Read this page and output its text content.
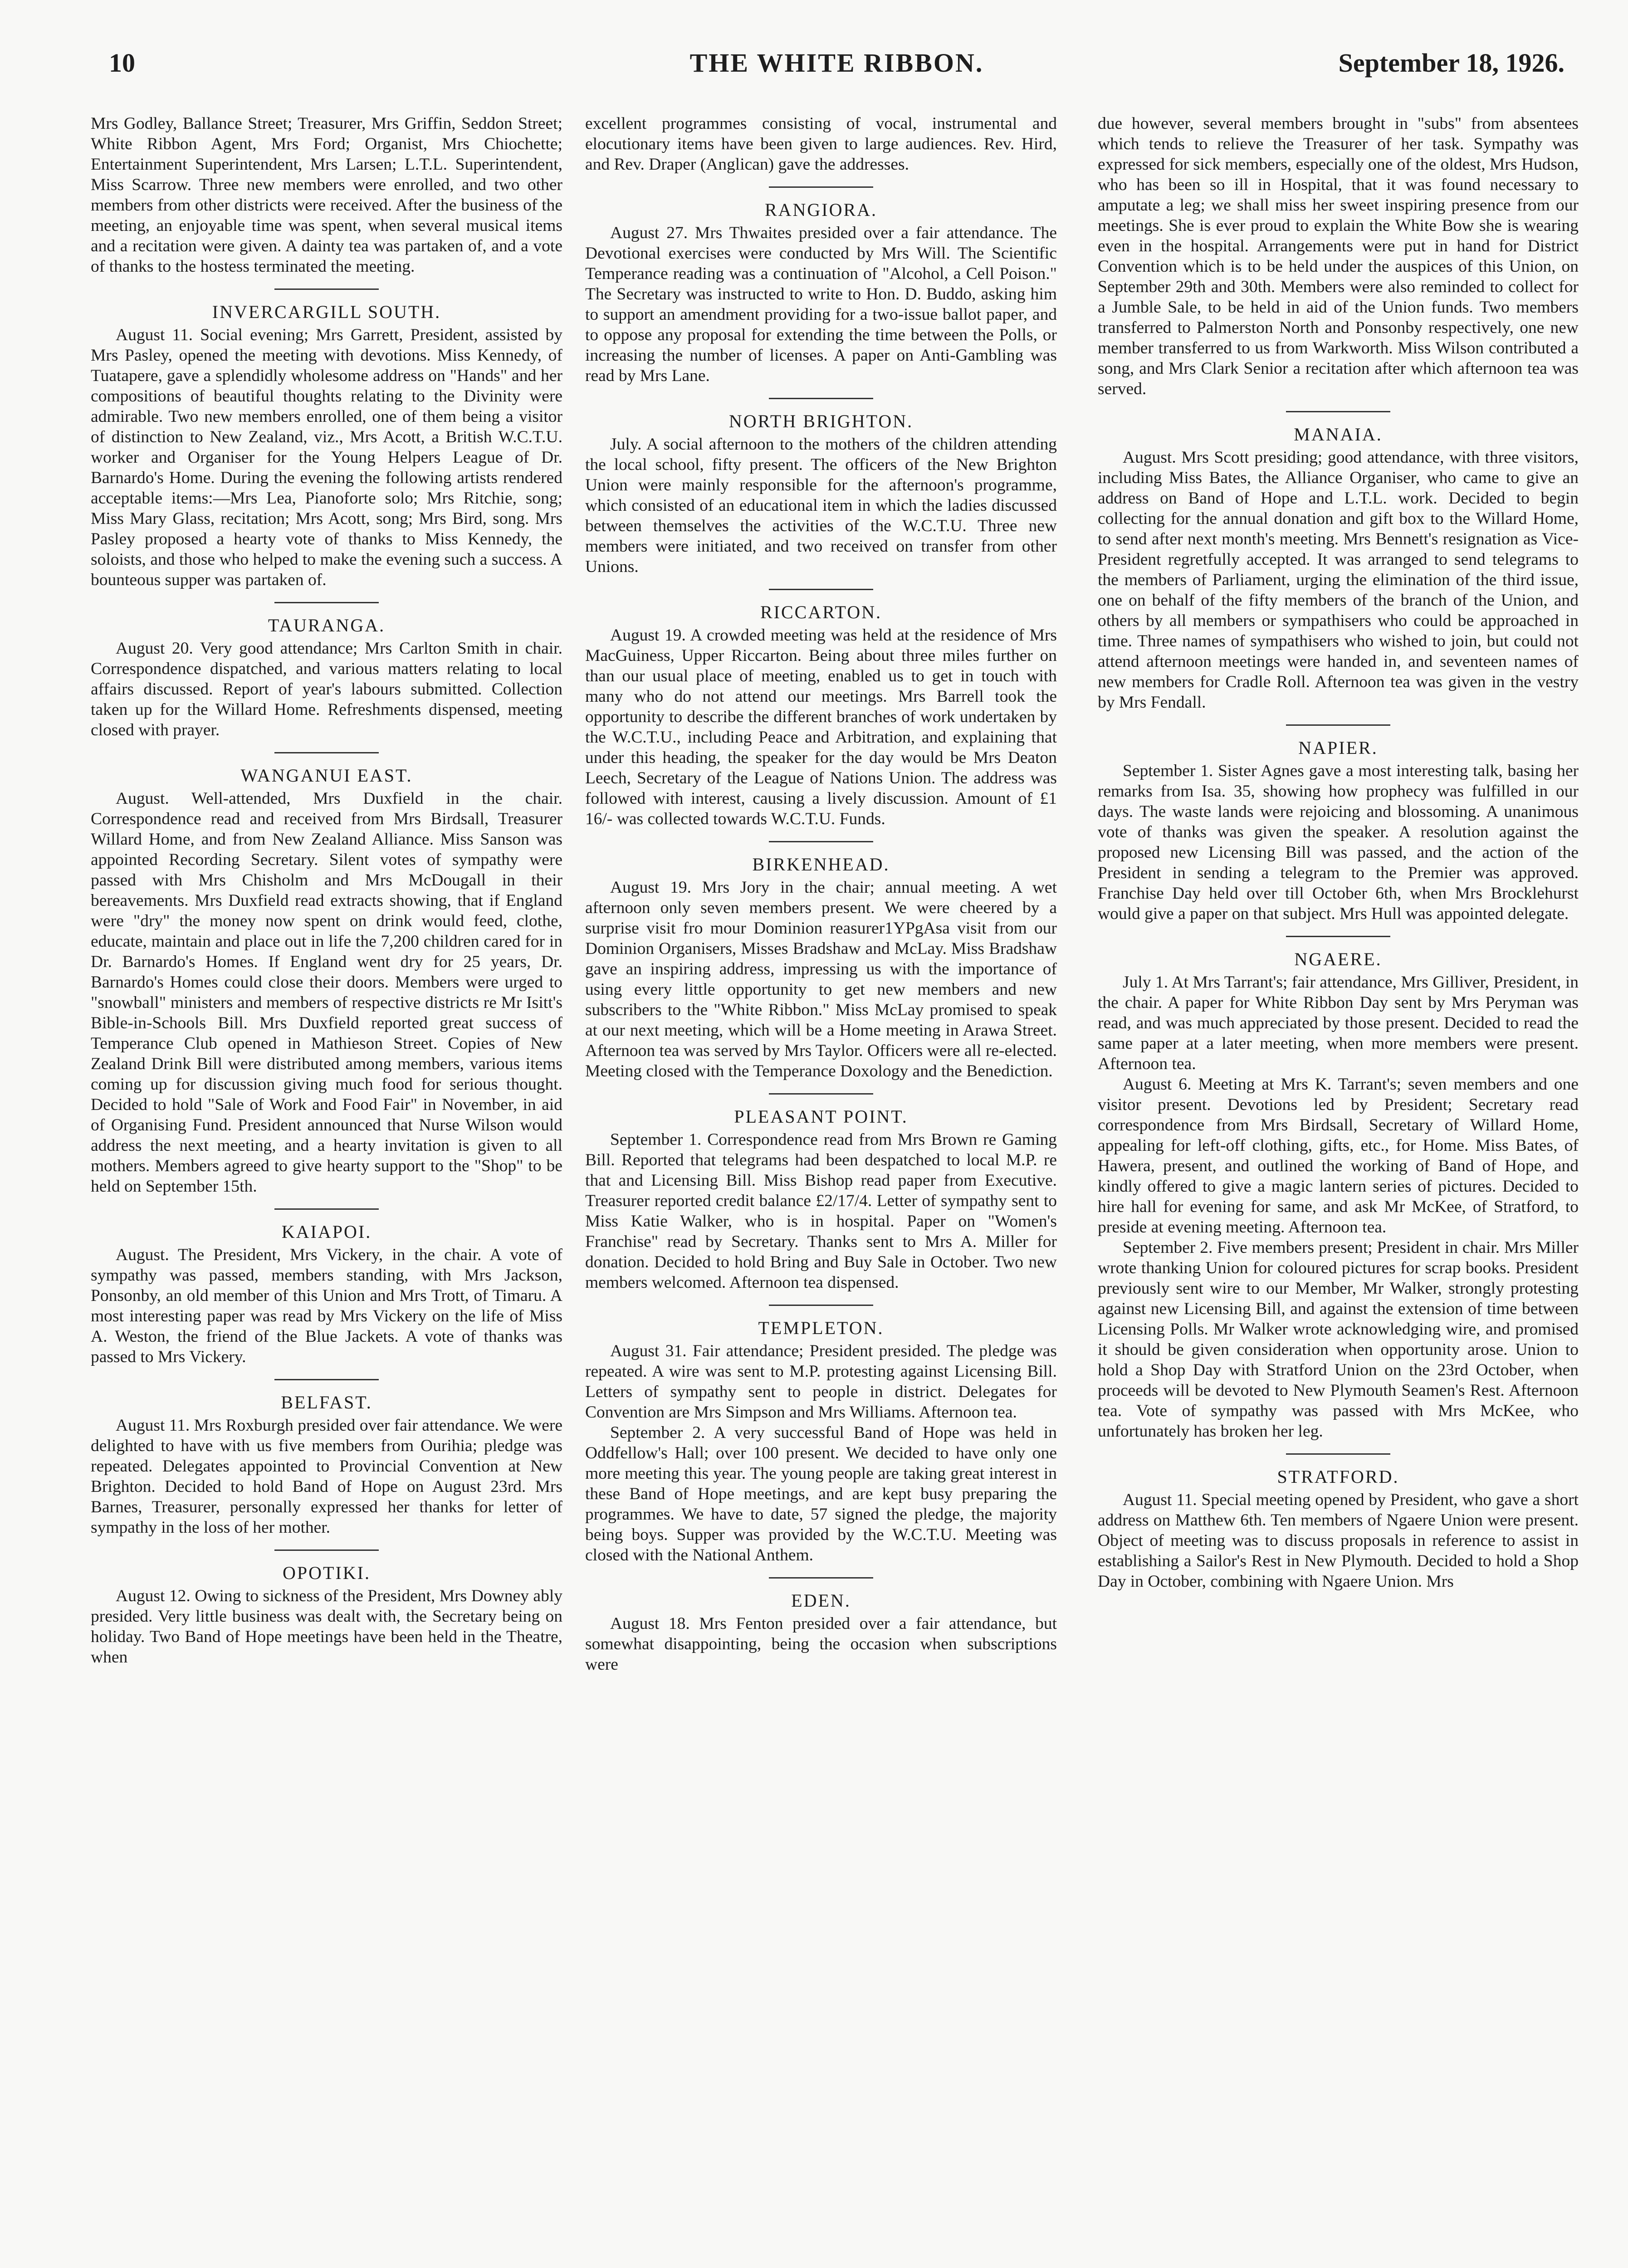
10	THE WHITE RIBBON.	September 18, 1926.

Mrs Godley, Ballance Street; Treasurer, Mrs Griffin, Seddon Street; White Ribbon Agent, Mrs Ford; Organist, Mrs Chiochette; Entertainment Superintendent, Mrs Larsen; L.T.L. Superintendent, Miss Scarrow. Three new members were enrolled, and two other members from other districts were received. After the business of the meeting, an enjoyable time was spent, when several musical items and a recitation were given. A dainty tea was partaken of, and a vote of thanks to the hostess terminated the meeting.

INVERCARGILL SOUTH.

August 11. Social evening; Mrs Garrett, President, assisted by Mrs Pasley, opened the meeting with devotions. Miss Kennedy, of Tuatapere, gave a splendidly wholesome address on "Hands" and her compositions of beautiful thoughts relating to the Divinity were admirable. Two new members enrolled, one of them being a visitor of distinction to New Zealand, viz., Mrs Acott, a British W.C.T.U. worker and Organiser for the Young Helpers League of Dr. Barnardo's Home. During the evening the following artists rendered acceptable items:—Mrs Lea, Pianoforte solo; Mrs Ritchie, song; Miss Mary Glass, recitation; Mrs Acott, song; Mrs Bird, song. Mrs Pasley proposed a hearty vote of thanks to Miss Kennedy, the soloists, and those who helped to make the evening such a success. A bounteous supper was partaken of.

TAURANGA.

August 20. Very good attendance; Mrs Carlton Smith in chair. Correspondence dispatched, and various matters relating to local affairs discussed. Report of year's labours submitted. Collection taken up for the Willard Home. Refreshments dispensed, meeting closed with prayer.

WANGANUI EAST.

August. Well-attended, Mrs Duxfield in the chair. Correspondence read and received from Mrs Birdsall, Treasurer Willard Home, and from New Zealand Alliance. Miss Sanson was appointed Recording Secretary. Silent votes of sympathy were passed with Mrs Chisholm and Mrs McDougall in their bereavements. Mrs Duxfield read extracts showing, that if England were "dry" the money now spent on drink would feed, clothe, educate, maintain and place out in life the 7,200 children cared for in Dr. Barnardo's Homes. If England went dry for 25 years, Dr. Barnardo's Homes could close their doors. Members were urged to "snowball" ministers and members of respective districts re Mr Isitt's Bible-in-Schools Bill. Mrs Duxfield reported great success of Temperance Club opened in Mathieson Street. Copies of New Zealand Drink Bill were distributed among members, various items coming up for discussion giving much food for serious thought. Decided to hold "Sale of Work and Food Fair" in November, in aid of Organising Fund. President announced that Nurse Wilson would address the next meeting, and a hearty invitation is given to all mothers. Members agreed to give hearty support to the "Shop" to be held on September 15th.

KAIAPOI.

August. The President, Mrs Vickery, in the chair. A vote of sympathy was passed, members standing, with Mrs Jackson, Ponsonby, an old member of this Union and Mrs Trott, of Timaru. A most interesting paper was read by Mrs Vickery on the life of Miss A. Weston, the friend of the Blue Jackets. A vote of thanks was passed to Mrs Vickery.

BELFAST.

August 11. Mrs Roxburgh presided over fair attendance. We were delighted to have with us five members from Ourihia; pledge was repeated. Delegates appointed to Provincial Convention at New Brighton. Decided to hold Band of Hope on August 23rd. Mrs Barnes, Treasurer, personally expressed her thanks for letter of sympathy in the loss of her mother.

OPOTIKI.

August 12. Owing to sickness of the President, Mrs Downey ably presided. Very little business was dealt with, the Secretary being on holiday. Two Band of Hope meetings have been held in the Theatre, when

excellent programmes consisting of vocal, instrumental and elocutionary items have been given to large audiences. Rev. Hird, and Rev. Draper (Anglican) gave the addresses.

RANGIORA.

August 27. Mrs Thwaites presided over a fair attendance. The Devotional exercises were conducted by Mrs Will. The Scientific Temperance reading was a continuation of "Alcohol, a Cell Poison." The Secretary was instructed to write to Hon. D. Buddo, asking him to support an amendment providing for a two-issue ballot paper, and to oppose any proposal for extending the time between the Polls, or increasing the number of licenses. A paper on Anti-Gambling was read by Mrs Lane.

NORTH BRIGHTON.

July. A social afternoon to the mothers of the children attending the local school, fifty present. The officers of the New Brighton Union were mainly responsible for the afternoon's programme, which consisted of an educational item in which the ladies discussed between themselves the activities of the W.C.T.U. Three new members were initiated, and two received on transfer from other Unions.

RICCARTON.

August 19. A crowded meeting was held at the residence of Mrs MacGuiness, Upper Riccarton. Being about three miles further on than our usual place of meeting, enabled us to get in touch with many who do not attend our meetings. Mrs Barrell took the opportunity to describe the different branches of work undertaken by the W.C.T.U., including Peace and Arbitration, and explaining that under this heading, the speaker for the day would be Mrs Deaton Leech, Secretary of the League of Nations Union. The address was followed with interest, causing a lively discussion. Amount of £1 16/- was collected towards W.C.T.U. Funds.

BIRKENHEAD.

August 19. Mrs Jory in the chair; annual meeting. A wet afternoon only seven members present. We were cheered by a surprise visit fro mour Dominion reasurer1YPgAsa visit from our Dominion Organisers, Misses Bradshaw and McLay. Miss Bradshaw gave an inspiring address, impressing us with the importance of using every little opportunity to get new members and new subscribers to the "White Ribbon." Miss McLay promised to speak at our next meeting, which will be a Home meeting in Arawa Street. Afternoon tea was served by Mrs Taylor. Officers were all re-elected. Meeting closed with the Temperance Doxology and the Benediction.

PLEASANT POINT.

September 1. Correspondence read from Mrs Brown re Gaming Bill. Reported that telegrams had been despatched to local M.P. re that and Licensing Bill. Miss Bishop read paper from Executive. Treasurer reported credit balance £2/17/4. Letter of sympathy sent to Miss Katie Walker, who is in hospital. Paper on "Women's Franchise" read by Secretary. Thanks sent to Mrs A. Miller for donation. Decided to hold Bring and Buy Sale in October. Two new members welcomed. Afternoon tea dispensed.

TEMPLETON.

August 31. Fair attendance; President presided. The pledge was repeated. A wire was sent to M.P. protesting against Licensing Bill. Letters of sympathy sent to people in district. Delegates for Convention are Mrs Simpson and Mrs Williams. Afternoon tea.

September 2. A very successful Band of Hope was held in Oddfellow's Hall; over 100 present. We decided to have only one more meeting this year. The young people are taking great interest in these Band of Hope meetings, and are kept busy preparing the programmes. We have to date, 57 signed the pledge, the majority being boys. Supper was provided by the W.C.T.U. Meeting was closed with the National Anthem.

EDEN.

August 18. Mrs Fenton presided over a fair attendance, but somewhat disappointing, being the occasion when subscriptions were

due however, several members brought in "subs" from absentees which tends to relieve the Treasurer of her task. Sympathy was expressed for sick members, especially one of the oldest, Mrs Hudson, who has been so ill in Hospital, that it was found necessary to amputate a leg; we shall miss her sweet inspiring presence from our meetings. She is ever proud to explain the White Bow she is wearing even in the hospital. Arrangements were put in hand for District Convention which is to be held under the auspices of this Union, on September 29th and 30th. Members were also reminded to collect for a Jumble Sale, to be held in aid of the Union funds. Two members transferred to Palmerston North and Ponsonby respectively, one new member transferred to us from Warkworth. Miss Wilson contributed a song, and Mrs Clark Senior a recitation after which afternoon tea was served.

MANAIA.

August. Mrs Scott presiding; good attendance, with three visitors, including Miss Bates, the Alliance Organiser, who came to give an address on Band of Hope and L.T.L. work. Decided to begin collecting for the annual donation and gift box to the Willard Home, to send after next month's meeting. Mrs Bennett's resignation as Vice-President regretfully accepted. It was arranged to send telegrams to the members of Parliament, urging the elimination of the third issue, one on behalf of the fifty members of the branch of the Union, and others by all members or sympathisers who could be approached in time. Three names of sympathisers who wished to join, but could not attend afternoon meetings were handed in, and seventeen names of new members for Cradle Roll. Afternoon tea was given in the vestry by Mrs Fendall.

NAPIER.

September 1. Sister Agnes gave a most interesting talk, basing her remarks from Isa. 35, showing how prophecy was fulfilled in our days. The waste lands were rejoicing and blossoming. A unanimous vote of thanks was given the speaker. A resolution against the proposed new Licensing Bill was passed, and the action of the President in sending a telegram to the Premier was approved. Franchise Day held over till October 6th, when Mrs Brocklehurst would give a paper on that subject. Mrs Hull was appointed delegate.

NGAERE.

July 1. At Mrs Tarrant's; fair attendance, Mrs Gilliver, President, in the chair. A paper for White Ribbon Day sent by Mrs Peryman was read, and was much appreciated by those present. Decided to read the same paper at a later meeting, when more members were present. Afternoon tea.

August 6. Meeting at Mrs K. Tarrant's; seven members and one visitor present. Devotions led by President; Secretary read correspondence from Mrs Birdsall, Secretary of Willard Home, appealing for left-off clothing, gifts, etc., for Home. Miss Bates, of Hawera, present, and outlined the working of Band of Hope, and kindly offered to give a magic lantern series of pictures. Decided to hire hall for evening for same, and ask Mr McKee, of Stratford, to preside at evening meeting. Afternoon tea.

September 2. Five members present; President in chair. Mrs Miller wrote thanking Union for coloured pictures for scrap books. President previously sent wire to our Member, Mr Walker, strongly protesting against new Licensing Bill, and against the extension of time between Licensing Polls. Mr Walker wrote acknowledging wire, and promised it should be given consideration when opportunity arose. Union to hold a Shop Day with Stratford Union on the 23rd October, when proceeds will be devoted to New Plymouth Seamen's Rest. Afternoon tea. Vote of sympathy was passed with Mrs McKee, who unfortunately has broken her leg.

STRATFORD.

August 11. Special meeting opened by President, who gave a short address on Matthew 6th. Ten members of Ngaere Union were present. Object of meeting was to discuss proposals in reference to assist in establishing a Sailor's Rest in New Plymouth. Decided to hold a Shop Day in October, combining with Ngaere Union. Mrs
